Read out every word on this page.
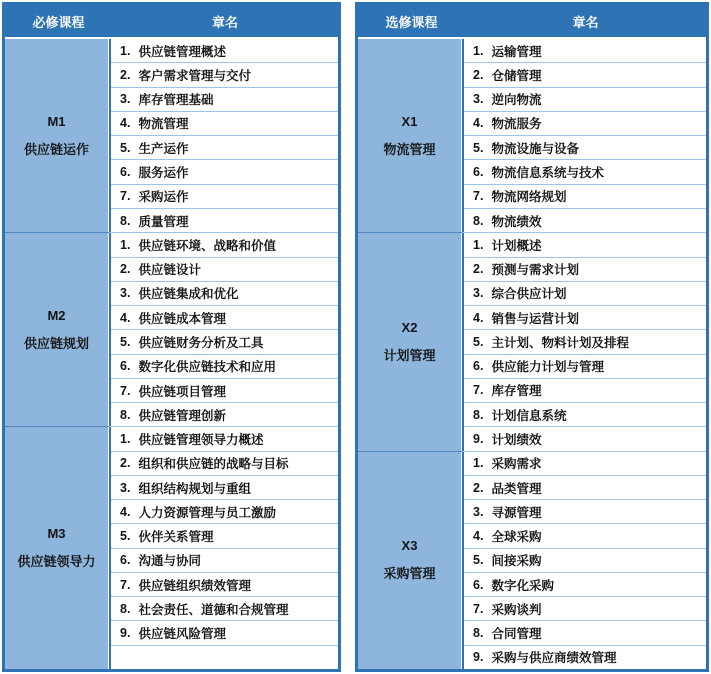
必修课程	章名
M1
供应链运作
1. 供应链管理概述
2. 客户需求管理与交付
3. 库存管理基础
4. 物流管理
5. 生产运作
6. 服务运作
7. 采购运作
8. 质量管理
M2
供应链规划
1. 供应链环境、战略和价值
2. 供应链设计
3. 供应链集成和优化
4. 供应链成本管理
5. 供应链财务分析及工具
6. 数字化供应链技术和应用
7. 供应链项目管理
8. 供应链管理创新
M3
供应链领导力
1. 供应链管理领导力概述
2. 组织和供应链的战略与目标
3. 组织结构规划与重组
4. 人力资源管理与员工激励
5. 伙伴关系管理
6. 沟通与协同
7. 供应链组织绩效管理
8. 社会责任、道德和合规管理
9. 供应链风险管理
选修课程	章名
X1
物流管理
1. 运输管理
2. 仓储管理
3. 逆向物流
4. 物流服务
5. 物流设施与设备
6. 物流信息系统与技术
7. 物流网络规划
8. 物流绩效
X2
计划管理
1. 计划概述
2. 预测与需求计划
3. 综合供应计划
4. 销售与运营计划
5. 主计划、物料计划及排程
6. 供应能力计划与管理
7. 库存管理
8. 计划信息系统
9. 计划绩效
X3
采购管理
1. 采购需求
2. 品类管理
3. 寻源管理
4. 全球采购
5. 间接采购
6. 数字化采购
7. 采购谈判
8. 合同管理
9. 采购与供应商绩效管理
